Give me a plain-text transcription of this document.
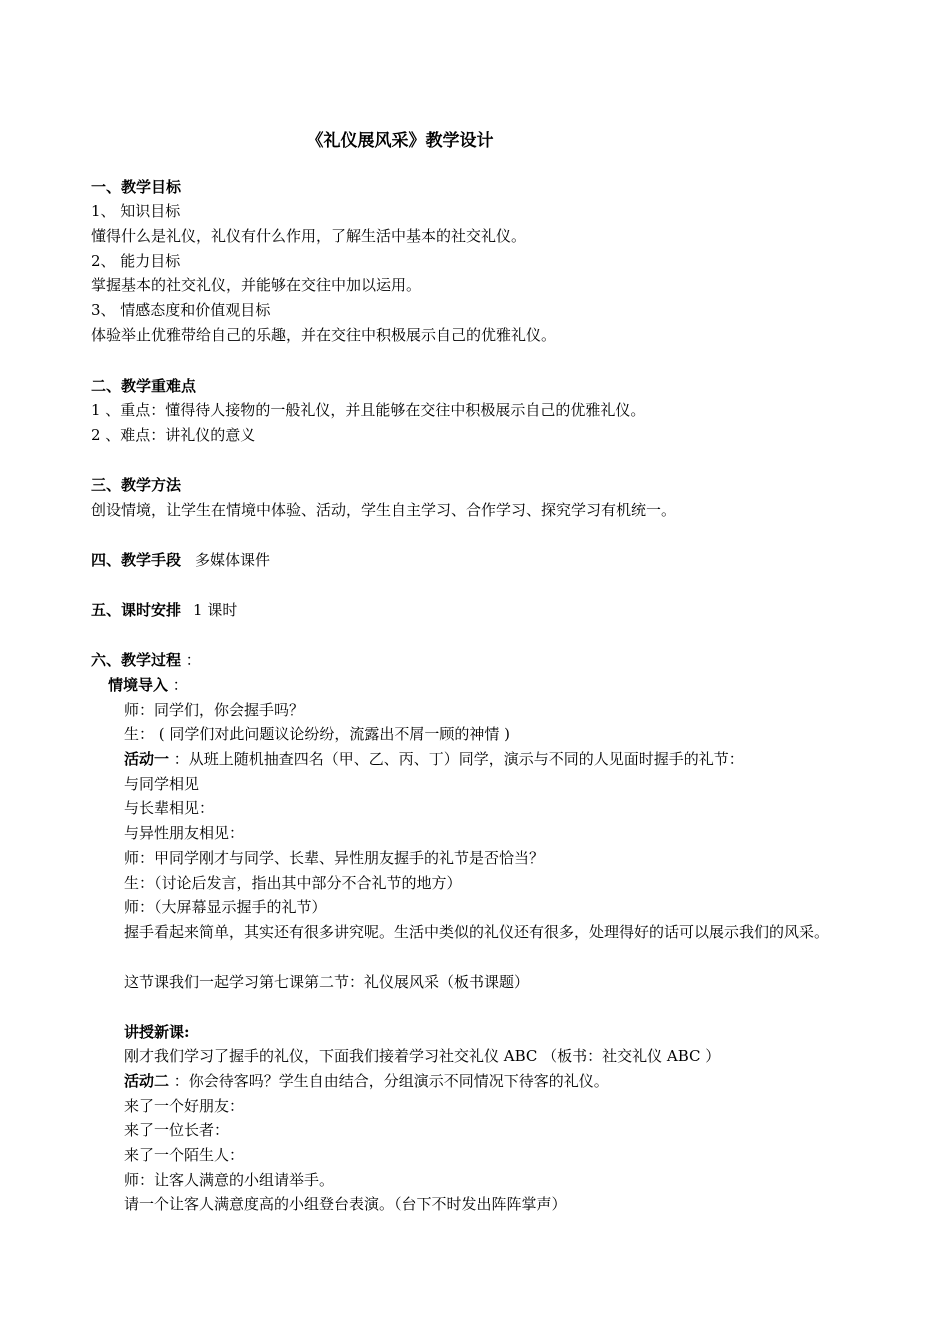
《礼仪展风采》教学设计
一、教学目标
1、 知识目标
懂得什么是礼仪，礼仪有什么作用，了解生活中基本的社交礼仪。
2、 能力目标
掌握基本的社交礼仪，并能够在交往中加以运用。
3、 情感态度和价值观目标
体验举止优雅带给自己的乐趣，并在交往中积极展示自己的优雅礼仪。
二、教学重难点
1 、重点：懂得待人接物的一般礼仪，并且能够在交往中积极展示自己的优雅礼仪。
2 、难点：讲礼仪的意义
三、教学方法
创设情境，让学生在情境中体验、活动，学生自主学习、合作学习、探究学习有机统一。
四、教学手段 多媒体课件
五、课时安排 1 课时
六、教学过程 ：
情境导入 ：
师：同学们，你会握手吗？
生： ( 同学们对此问题议论纷纷，流露出不屑一顾的神情 )
活动一 ：从班上随机抽查四名（甲、乙、丙、丁）同学，演示与不同的人见面时握手的礼节：
与同学相见
与长辈相见：
与异性朋友相见：
师：甲同学刚才与同学、长辈、异性朋友握手的礼节是否恰当？
生：（讨论后发言，指出其中部分不合礼节的地方）
师：（大屏幕显示握手的礼节）
握手看起来简单，其实还有很多讲究呢。生活中类似的礼仪还有很多，处理得好的话可以展示我们的风采。
这节课我们一起学习第七课第二节：礼仪展风采（板书课题）
讲授新课:
刚才我们学习了握手的礼仪，下面我们接着学习社交礼仪 ABC （板书：社交礼仪 ABC ）
活动二 ：你会待客吗？学生自由结合，分组演示不同情况下待客的礼仪。
来了一个好朋友：
来了一位长者：
来了一个陌生人：
师：让客人满意的小组请举手。
请一个让客人满意度高的小组登台表演。（台下不时发出阵阵掌声）
